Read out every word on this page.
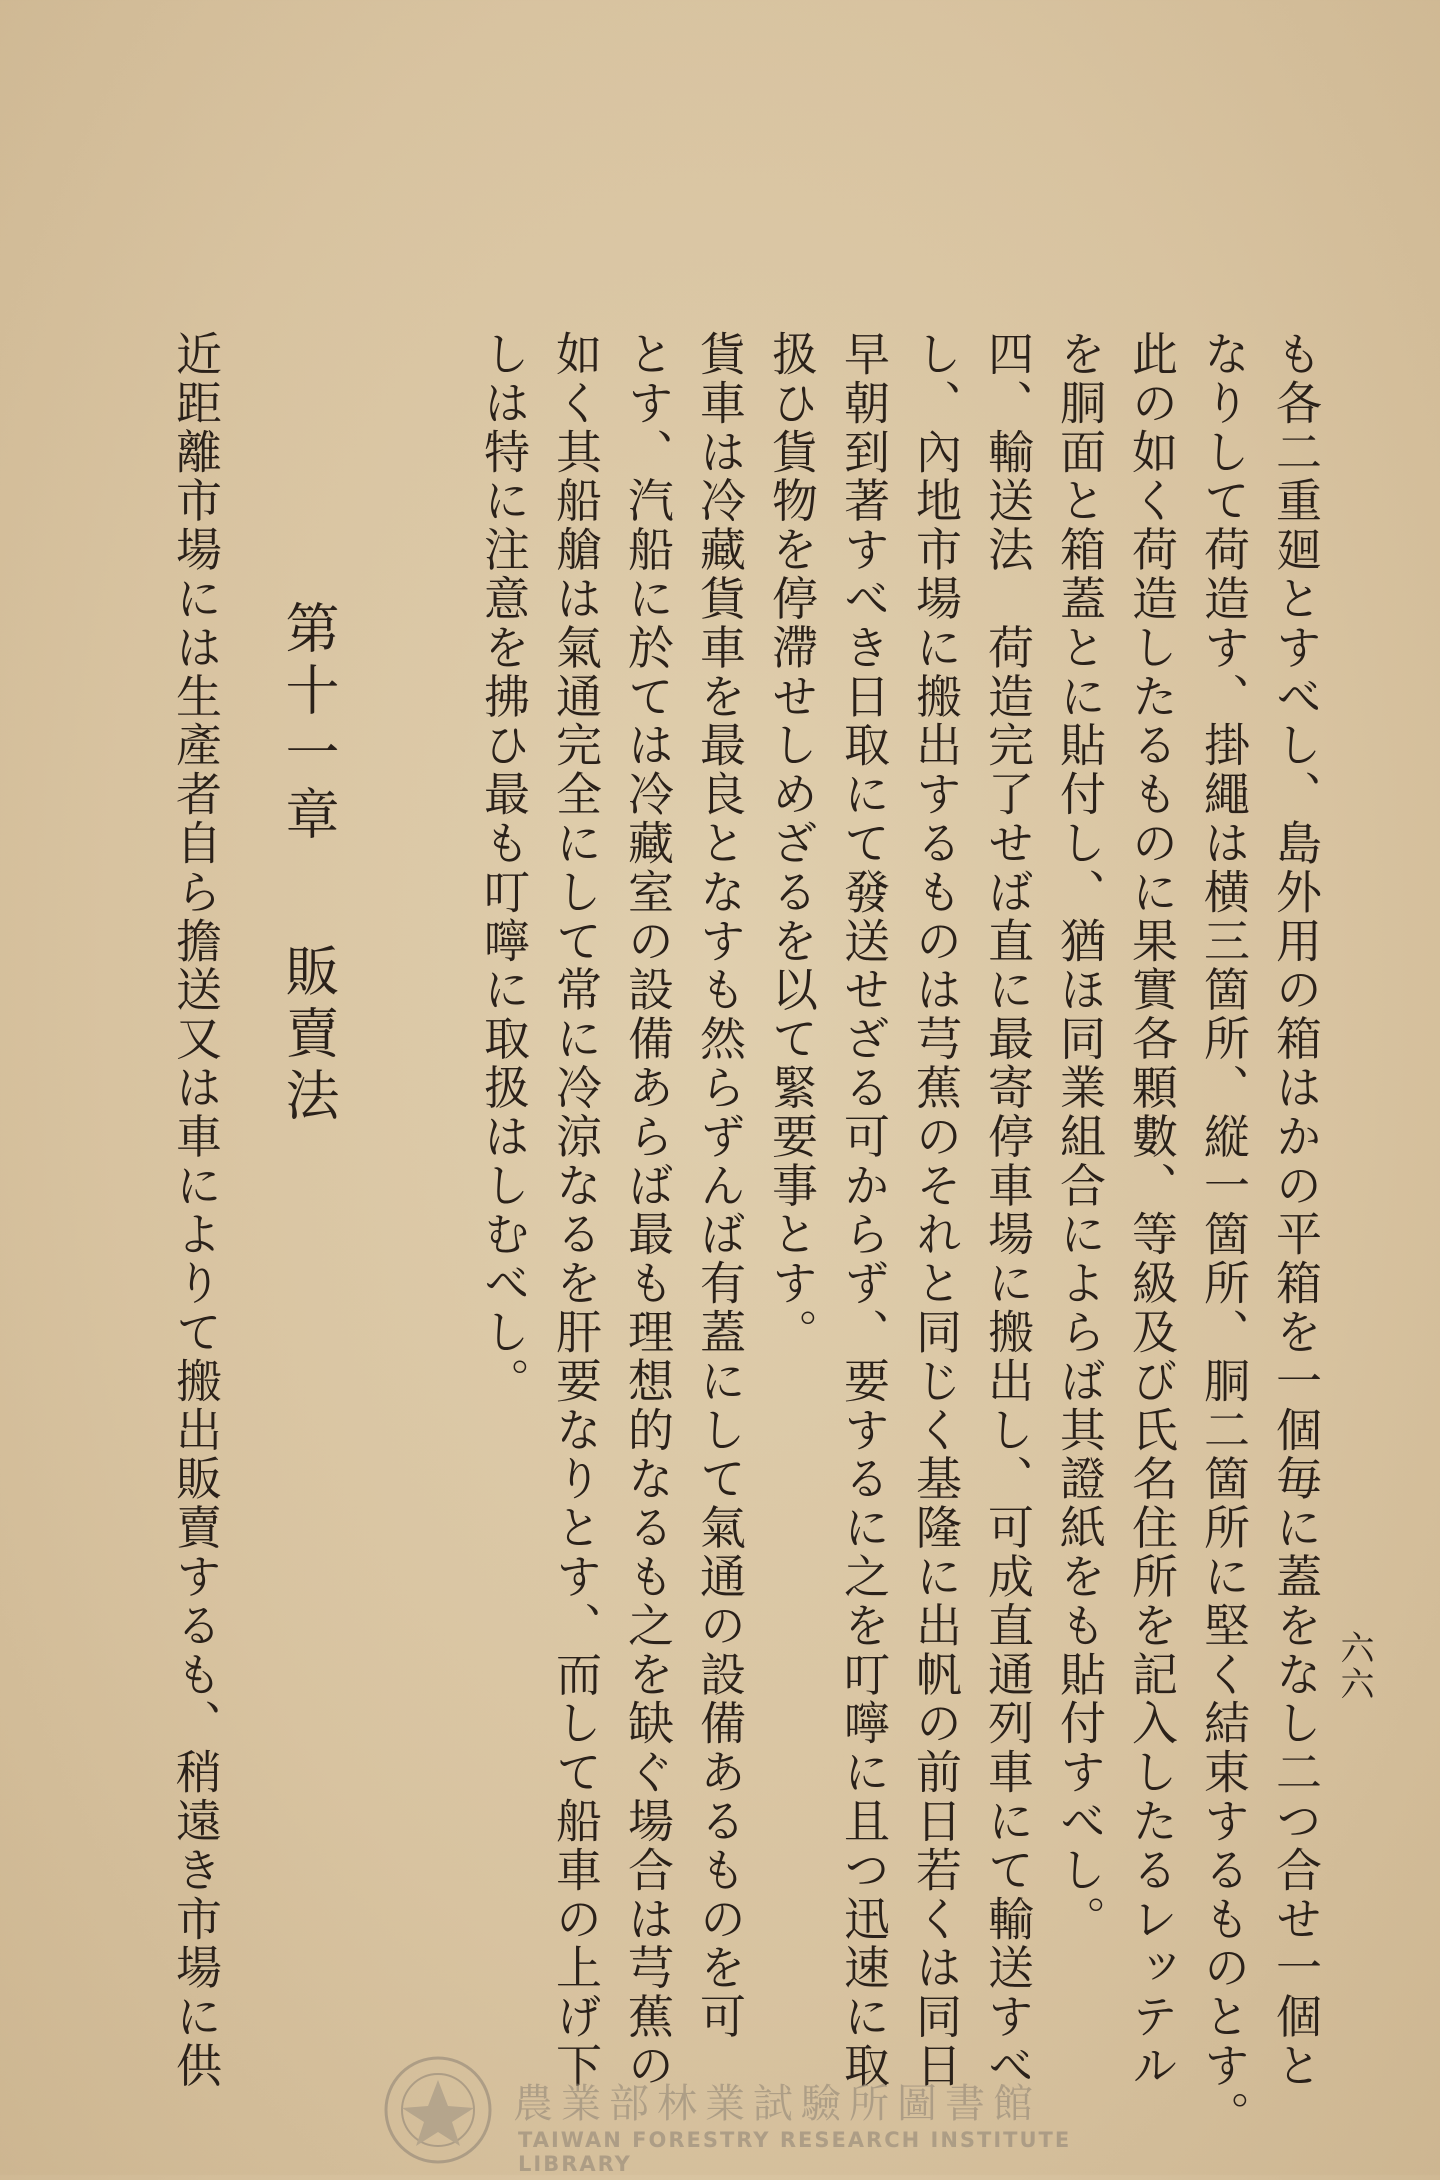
六六
も各二重廻とすべし、島外用の箱はかの平箱を一個毎に蓋をなし二つ合せ一個と
なりして荷造す、掛繩は横三箇所、縦一箇所、胴二箇所に堅く結束するものとす。
此の如く荷造したるものに果實各顆數、等級及び氏名住所を記入したるレッテル
を胴面と箱蓋とに貼付し、猶ほ同業組合によらば其證紙をも貼付すべし。
四、輸送法　荷造完了せば直に最寄停車場に搬出し、可成直通列車にて輸送すべ
し、內地市場に搬出するものは芎蕉のそれと同じく基隆に出帆の前日若くは同日
早朝到著すべき日取にて發送せざる可からず、要するに之を叮嚀に且つ迅速に取
扱ひ貨物を停滯せしめざるを以て緊要事とす。
貨車は冷藏貨車を最良となすも然らずんば有蓋にして氣通の設備あるものを可
とす、汽船に於ては冷藏室の設備あらば最も理想的なるも之を缺ぐ場合は芎蕉の
如く其船艙は氣通完全にして常に冷涼なるを肝要なりとす、而して船車の上げ下
しは特に注意を拂ひ最も叮嚀に取扱はしむべし。
第十一章販賣法
近距離市場には生產者自ら擔送又は車によりて搬出販賣するも、稍遠き市場に供
農業部林業試驗所圖書館
TAIWAN FORESTRY RESEARCH INSTITUTE LIBRARY
